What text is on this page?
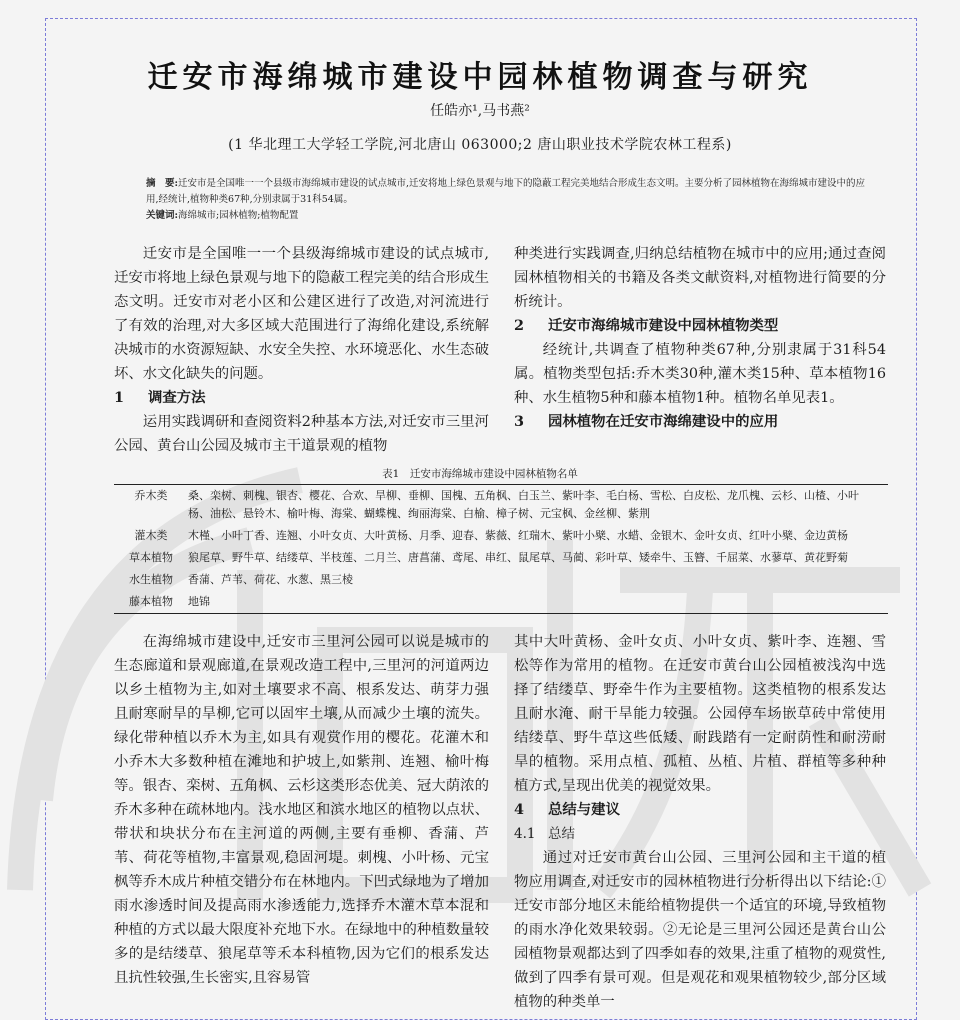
迁安市海绵城市建设中园林植物调查与研究
任皓亦¹,马书燕²
(1 华北理工大学轻工学院,河北唐山 063000;2 唐山职业技术学院农林工程系)
摘　要:迁安市是全国唯一一个县级市海绵城市建设的试点城市,迁安将地上绿色景观与地下的隐蔽工程完美地结合形成生态文明。主要分析了园林植物在海绵城市建设中的应用,经统计,植物种类67种,分别隶属于31科54属。
关键词:海绵城市;园林植物;植物配置

迁安市是全国唯一一个县级海绵城市建设的试点城市,迁安市将地上绿色景观与地下的隐蔽工程完美的结合形成生态文明。迁安市对老小区和公建区进行了改造,对河流进行了有效的治理,对大多区域大范围进行了海绵化建设,系统解决城市的水资源短缺、水安全失控、水环境恶化、水生态破坏、水文化缺失的问题。

1	调查方法

运用实践调研和查阅资料2种基本方法,对迁安市三里河公园、黄台山公园及城市主干道景观的植物

种类进行实践调查,归纳总结植物在城市中的应用;通过查阅园林植物相关的书籍及各类文献资料,对植物进行简要的分析统计。

2	迁安市海绵城市建设中园林植物类型

经统计,共调查了植物种类67种,分别隶属于31科54属。植物类型包括:乔木类30种,灌木类15种、草本植物16种、水生植物5种和藤本植物1种。植物名单见表1。

3	园林植物在迁安市海绵建设中的应用
表1　迁安市海绵城市建设中园林植物名单
乔木类	桑、栾树、刺槐、银杏、樱花、合欢、旱柳、垂柳、国槐、五角枫、白玉兰、紫叶李、毛白杨、雪松、白皮松、龙爪槐、云杉、山楂、小叶杨、油松、悬铃木、榆叶梅、海棠、蝴蝶槐、绚丽海棠、白榆、樟子树、元宝枫、金丝柳、紫荆
灌木类	木槿、小叶丁香、连翘、小叶女贞、大叶黄杨、月季、迎春、紫薇、红瑞木、紫叶小檗、水蜡、金银木、金叶女贞、红叶小檗、金边黄杨
草本植物	狼尾草、野牛草、结缕草、半枝莲、二月兰、唐菖蒲、鸢尾、串红、鼠尾草、马蔺、彩叶草、矮牵牛、玉簪、千屈菜、水蓼草、黄花野菊
水生植物	香蒲、芦苇、荷花、水葱、黑三棱
藤本植物	地锦

在海绵城市建设中,迁安市三里河公园可以说是城市的生态廊道和景观廊道,在景观改造工程中,三里河的河道两边以乡土植物为主,如对土壤要求不高、根系发达、萌芽力强且耐寒耐旱的旱柳,它可以固牢土壤,从而减少土壤的流失。绿化带种植以乔木为主,如具有观赏作用的樱花。花灌木和小乔木大多数种植在滩地和护坡上,如紫荆、连翘、榆叶梅等。银杏、栾树、五角枫、云杉这类形态优美、冠大荫浓的乔木多种在疏林地内。浅水地区和滨水地区的植物以点状、带状和块状分布在主河道的两侧,主要有垂柳、香蒲、芦苇、荷花等植物,丰富景观,稳固河堤。刺槐、小叶杨、元宝枫等乔木成片种植交错分布在林地内。下凹式绿地为了增加雨水渗透时间及提高雨水渗透能力,选择乔木灌木草本混和种植的方式以最大限度补充地下水。在绿地中的种植数量较多的是结缕草、狼尾草等禾本科植物,因为它们的根系发达且抗性较强,生长密实,且容易管

其中大叶黄杨、金叶女贞、小叶女贞、紫叶李、连翘、雪松等作为常用的植物。在迁安市黄台山公园植被浅沟中选择了结缕草、野牵牛作为主要植物。这类植物的根系发达且耐水淹、耐干旱能力较强。公园停车场嵌草砖中常使用结缕草、野牛草这些低矮、耐践踏有一定耐荫性和耐涝耐旱的植物。采用点植、孤植、丛植、片植、群植等多种种植方式,呈现出优美的视觉效果。

4	总结与建议
4.1 总结

通过对迁安市黄台山公园、三里河公园和主干道的植物应用调查,对迁安市的园林植物进行分析得出以下结论:①迁安市部分地区未能给植物提供一个适宜的环境,导致植物的雨水净化效果较弱。②无论是三里河公园还是黄台山公园植物景观都达到了四季如春的效果,注重了植物的观赏性,做到了四季有景可观。但是观花和观果植物较少,部分区域植物的种类单一
